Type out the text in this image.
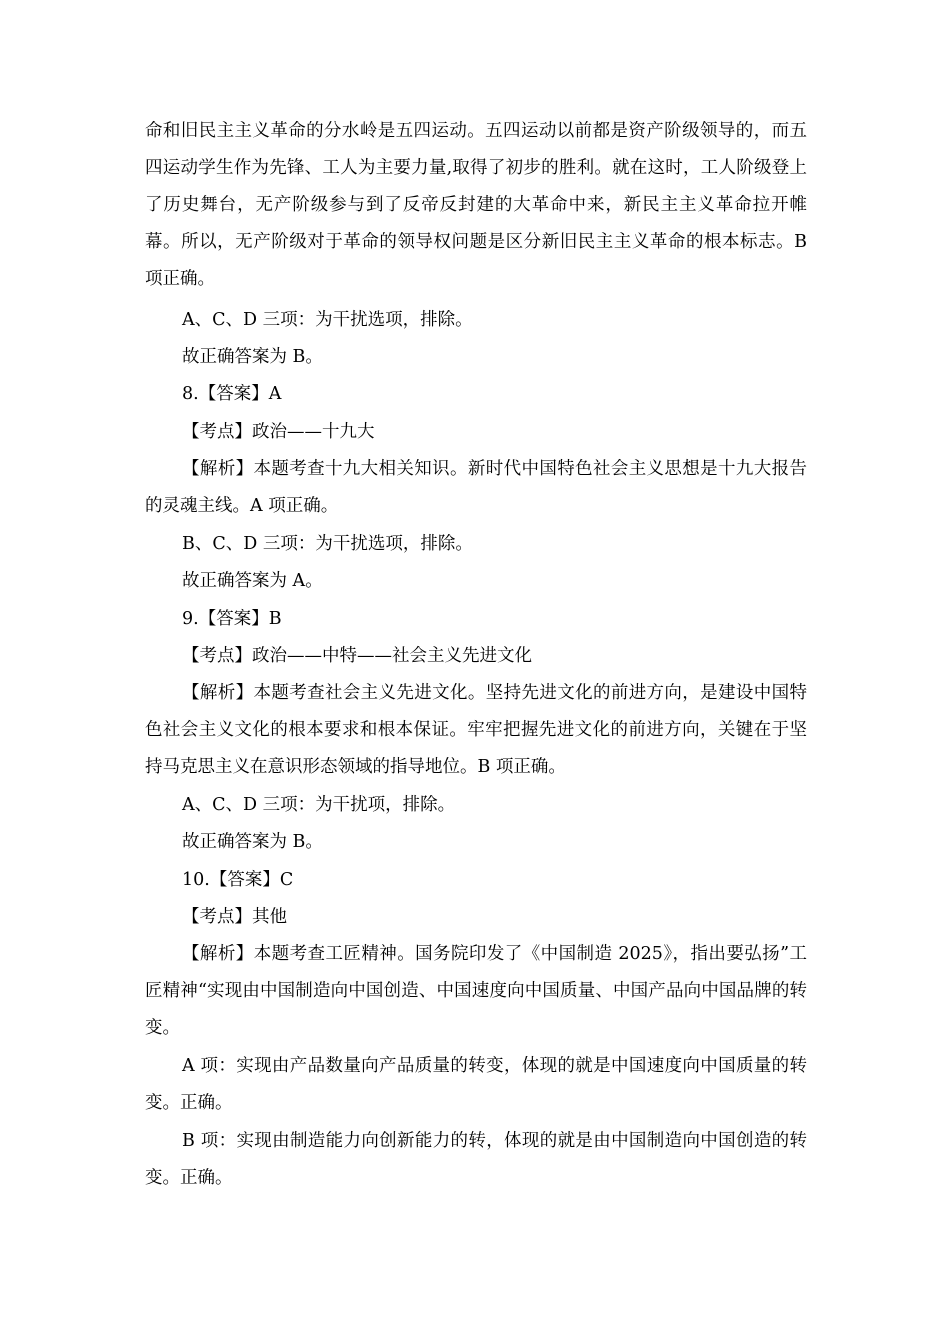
命和旧民主主义革命的分水岭是五四运动。五四运动以前都是资产阶级领导的，而五四运动学生作为先锋、工人为主要力量,取得了初步的胜利。就在这时，工人阶级登上了历史舞台，无产阶级参与到了反帝反封建的大革命中来，新民主主义革命拉开帷幕。所以，无产阶级对于革命的领导权问题是区分新旧民主主义革命的根本标志。B 项正确。

A、C、D 三项：为干扰选项，排除。

故正确答案为 B。

8.【答案】A

【考点】政治——十九大

【解析】本题考查十九大相关知识。新时代中国特色社会主义思想是十九大报告的灵魂主线。A 项正确。

B、C、D 三项：为干扰选项，排除。

故正确答案为 A。

9.【答案】B

【考点】政治——中特——社会主义先进文化

【解析】本题考查社会主义先进文化。坚持先进文化的前进方向，是建设中国特色社会主义文化的根本要求和根本保证。牢牢把握先进文化的前进方向，关键在于坚持马克思主义在意识形态领域的指导地位。B 项正确。

A、C、D 三项：为干扰项，排除。

故正确答案为 B。

10.【答案】C

【考点】其他

【解析】本题考查工匠精神。国务院印发了《中国制造 2025》，指出要弘扬”工匠精神“实现由中国制造向中国创造、中国速度向中国质量、中国产品向中国品牌的转变。

A 项：实现由产品数量向产品质量的转变，体现的就是中国速度向中国质量的转变。正确。

B 项：实现由制造能力向创新能力的转，体现的就是由中国制造向中国创造的转变。正确。
